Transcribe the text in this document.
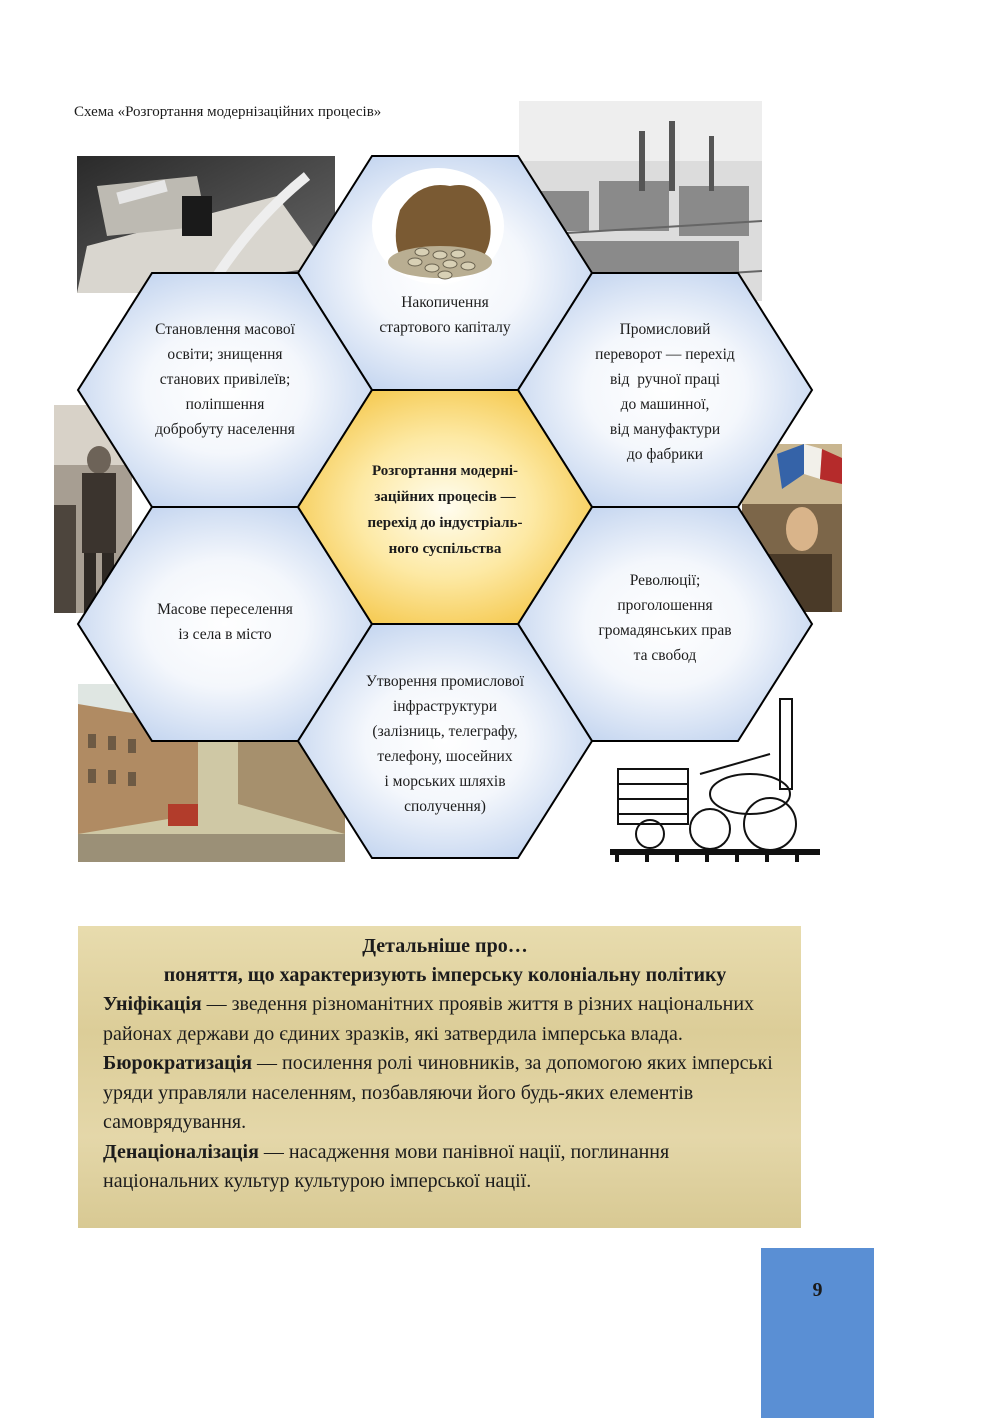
Схема «Розгортання модернізаційних процесів»
Накопичення
стартового капіталу
Становлення масової
освіти; знищення
станових привілеїв;
поліпшення
добробуту населення
Промисловий
переворот — перехід
від  ручної праці
до машинної,
від мануфактури
до фабрики
Розгортання модерні-
заційних процесів —
перехід до індустріаль-
ного суспільства
Масове переселення
із села в місто
Революції;
проголошення
громадянських прав
та свобод
Утворення промислової
інфраструктури
(залізниць, телеграфу,
телефону, шосейних
і морських шляхів
сполучення)
Детальніше про…
поняття, що характеризують імперську колоніальну політику

Уніфікація — зведення різноманітних проявів життя в різних національних районах держави до єдиних зразків, які затвердила імперська влада.

Бюрократизація — посилення ролі чиновників, за допомогою яких імперські уряди управляли населенням, позбавляючи його будь-яких елементів самоврядування.

Денаціоналізація — насадження мови панівної нації, поглинання національних культур культурою імперської нації.

9
